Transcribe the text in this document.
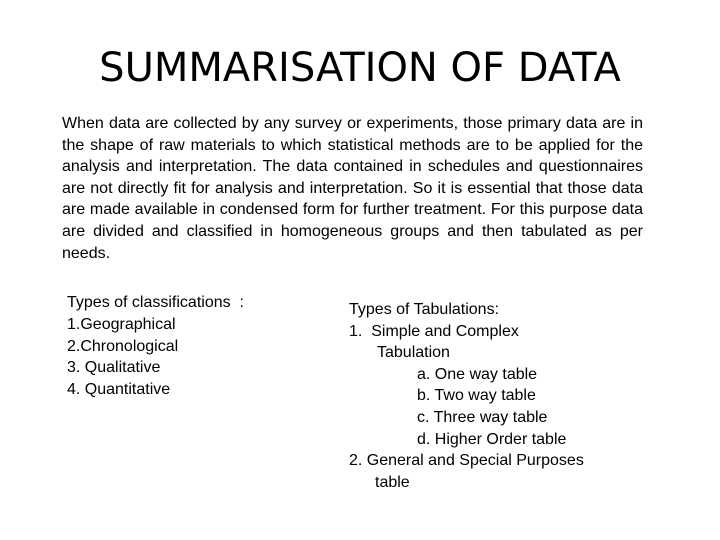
SUMMARISATION OF DATA
When data are collected by any survey or experiments, those primary data are in the shape of raw materials to which statistical methods are to be applied for the analysis and interpretation. The data contained in schedules and questionnaires are not directly fit for analysis and interpretation. So it is essential that those data are made available in condensed form for further treatment. For this purpose data are divided and classified in homogeneous groups and then tabulated as per needs.
Types of classifications  :
1.Geographical
2.Chronological
3. Qualitative
4. Quantitative
Types of Tabulations:
1.  Simple and Complex
Tabulation
a. One way table
b. Two way table
c. Three way table
d. Higher Order table
2. General and Special Purposes
table
